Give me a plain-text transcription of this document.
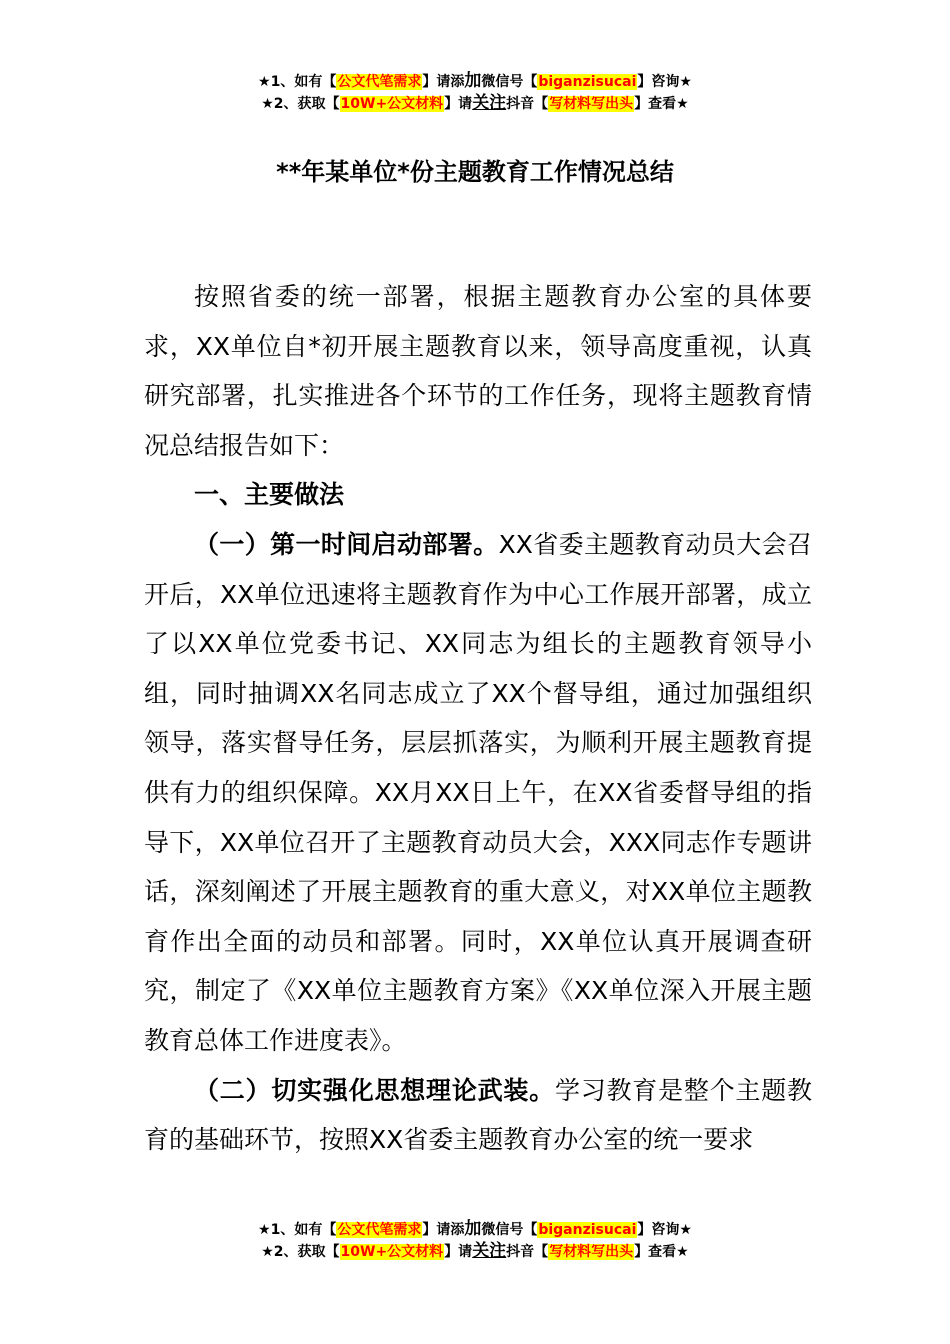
★1、如有【公文代笔需求】请添加微信号【biganzisucai】咨询★
★2、获取【10W+公文材料】请关注抖音【写材料写出头】查看★
**年某单位*份主题教育工作情况总结

按照省委的统一部署，根据主题教育办公室的具体要求，XX单位自*初开展主题教育以来，领导高度重视，认真研究部署，扎实推进各个环节的工作任务，现将主题教育情况总结报告如下：

一、主要做法

（一）第一时间启动部署。XX省委主题教育动员大会召开后，XX单位迅速将主题教育作为中心工作展开部署，成立了以XX单位党委书记、XX同志为组长的主题教育领导小组，同时抽调XX名同志成立了XX个督导组，通过加强组织领导，落实督导任务，层层抓落实，为顺利开展主题教育提供有力的组织保障。XX月XX日上午，在XX省委督导组的指导下，XX单位召开了主题教育动员大会，XXX同志作专题讲话，深刻阐述了开展主题教育的重大意义，对XX单位主题教育作出全面的动员和部署。同时，XX单位认真开展调查研究，制定了《XX单位主题教育方案》《XX单位深入开展主题教育总体工作进度表》。

（二）切实强化思想理论武装。学习教育是整个主题教育的基础环节，按照XX省委主题教育办公室的统一要求

★1、如有【公文代笔需求】请添加微信号【biganzisucai】咨询★
★2、获取【10W+公文材料】请关注抖音【写材料写出头】查看★
